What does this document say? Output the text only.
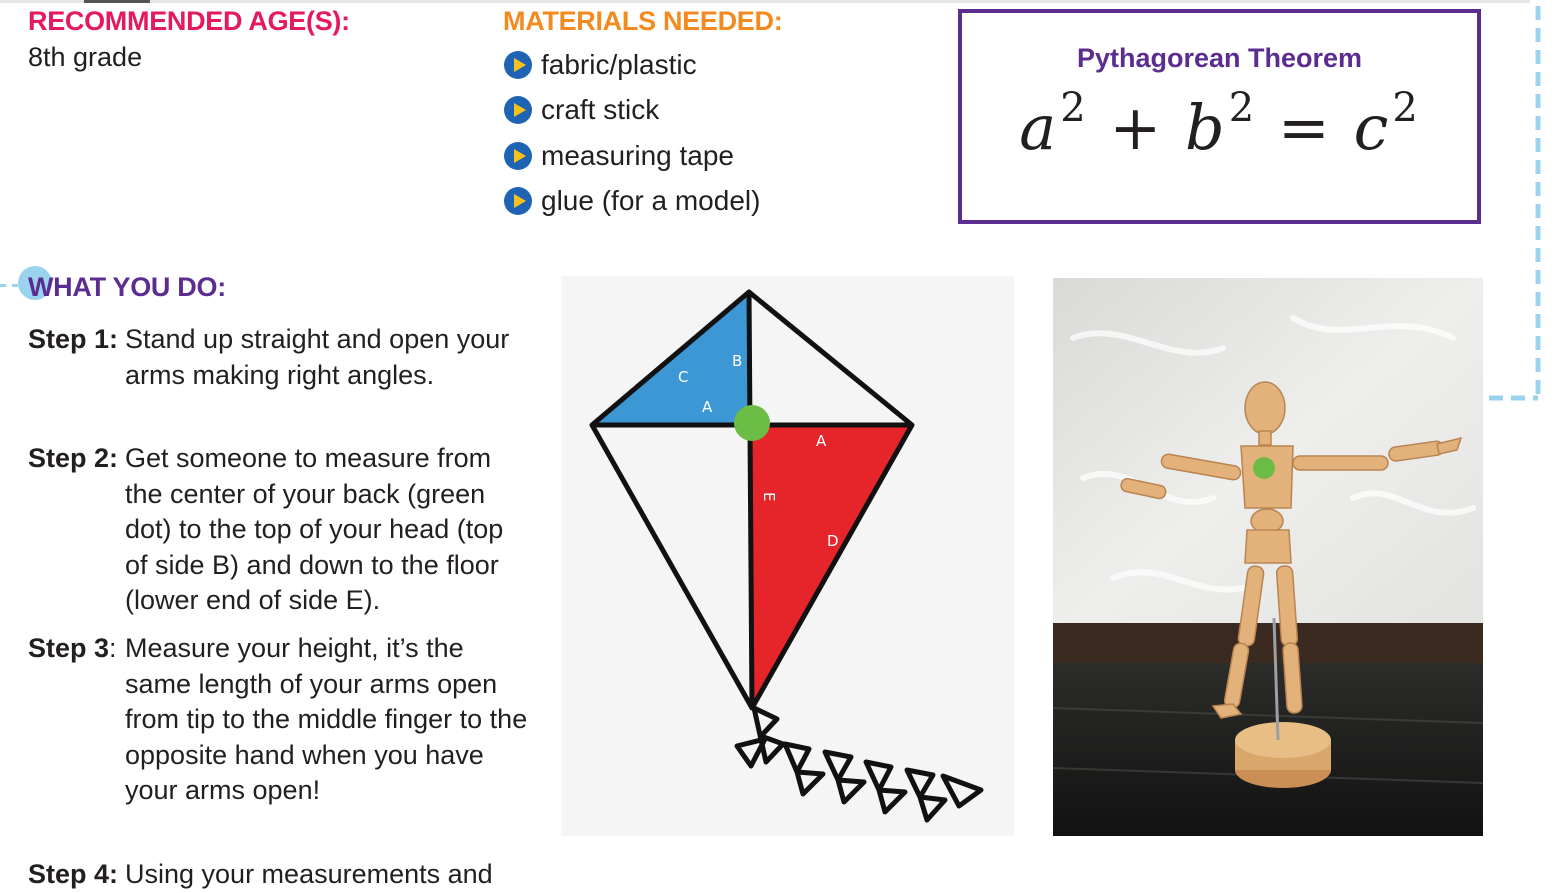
RECOMMENDED AGE(S):

8th grade

MATERIALS NEEDED:
fabric/plastic
craft stick
measuring tape
glue (for a model)
Pythagorean Theorem
$a^2 + b^2 = c^2$
WHAT YOU DO:

Step 1: Stand up straight and open your arms making right angles.

Step 2: Get someone to measure from the center of your back (green dot) to the top of your head (top of side B) and down to the floor (lower end of side E).

Step 3: Measure your height, it’s the same length of your arms open from tip to the middle finger to the opposite hand when you have your arms open!

Step 4: Using your measurements and

C
B
A
A
E
D
